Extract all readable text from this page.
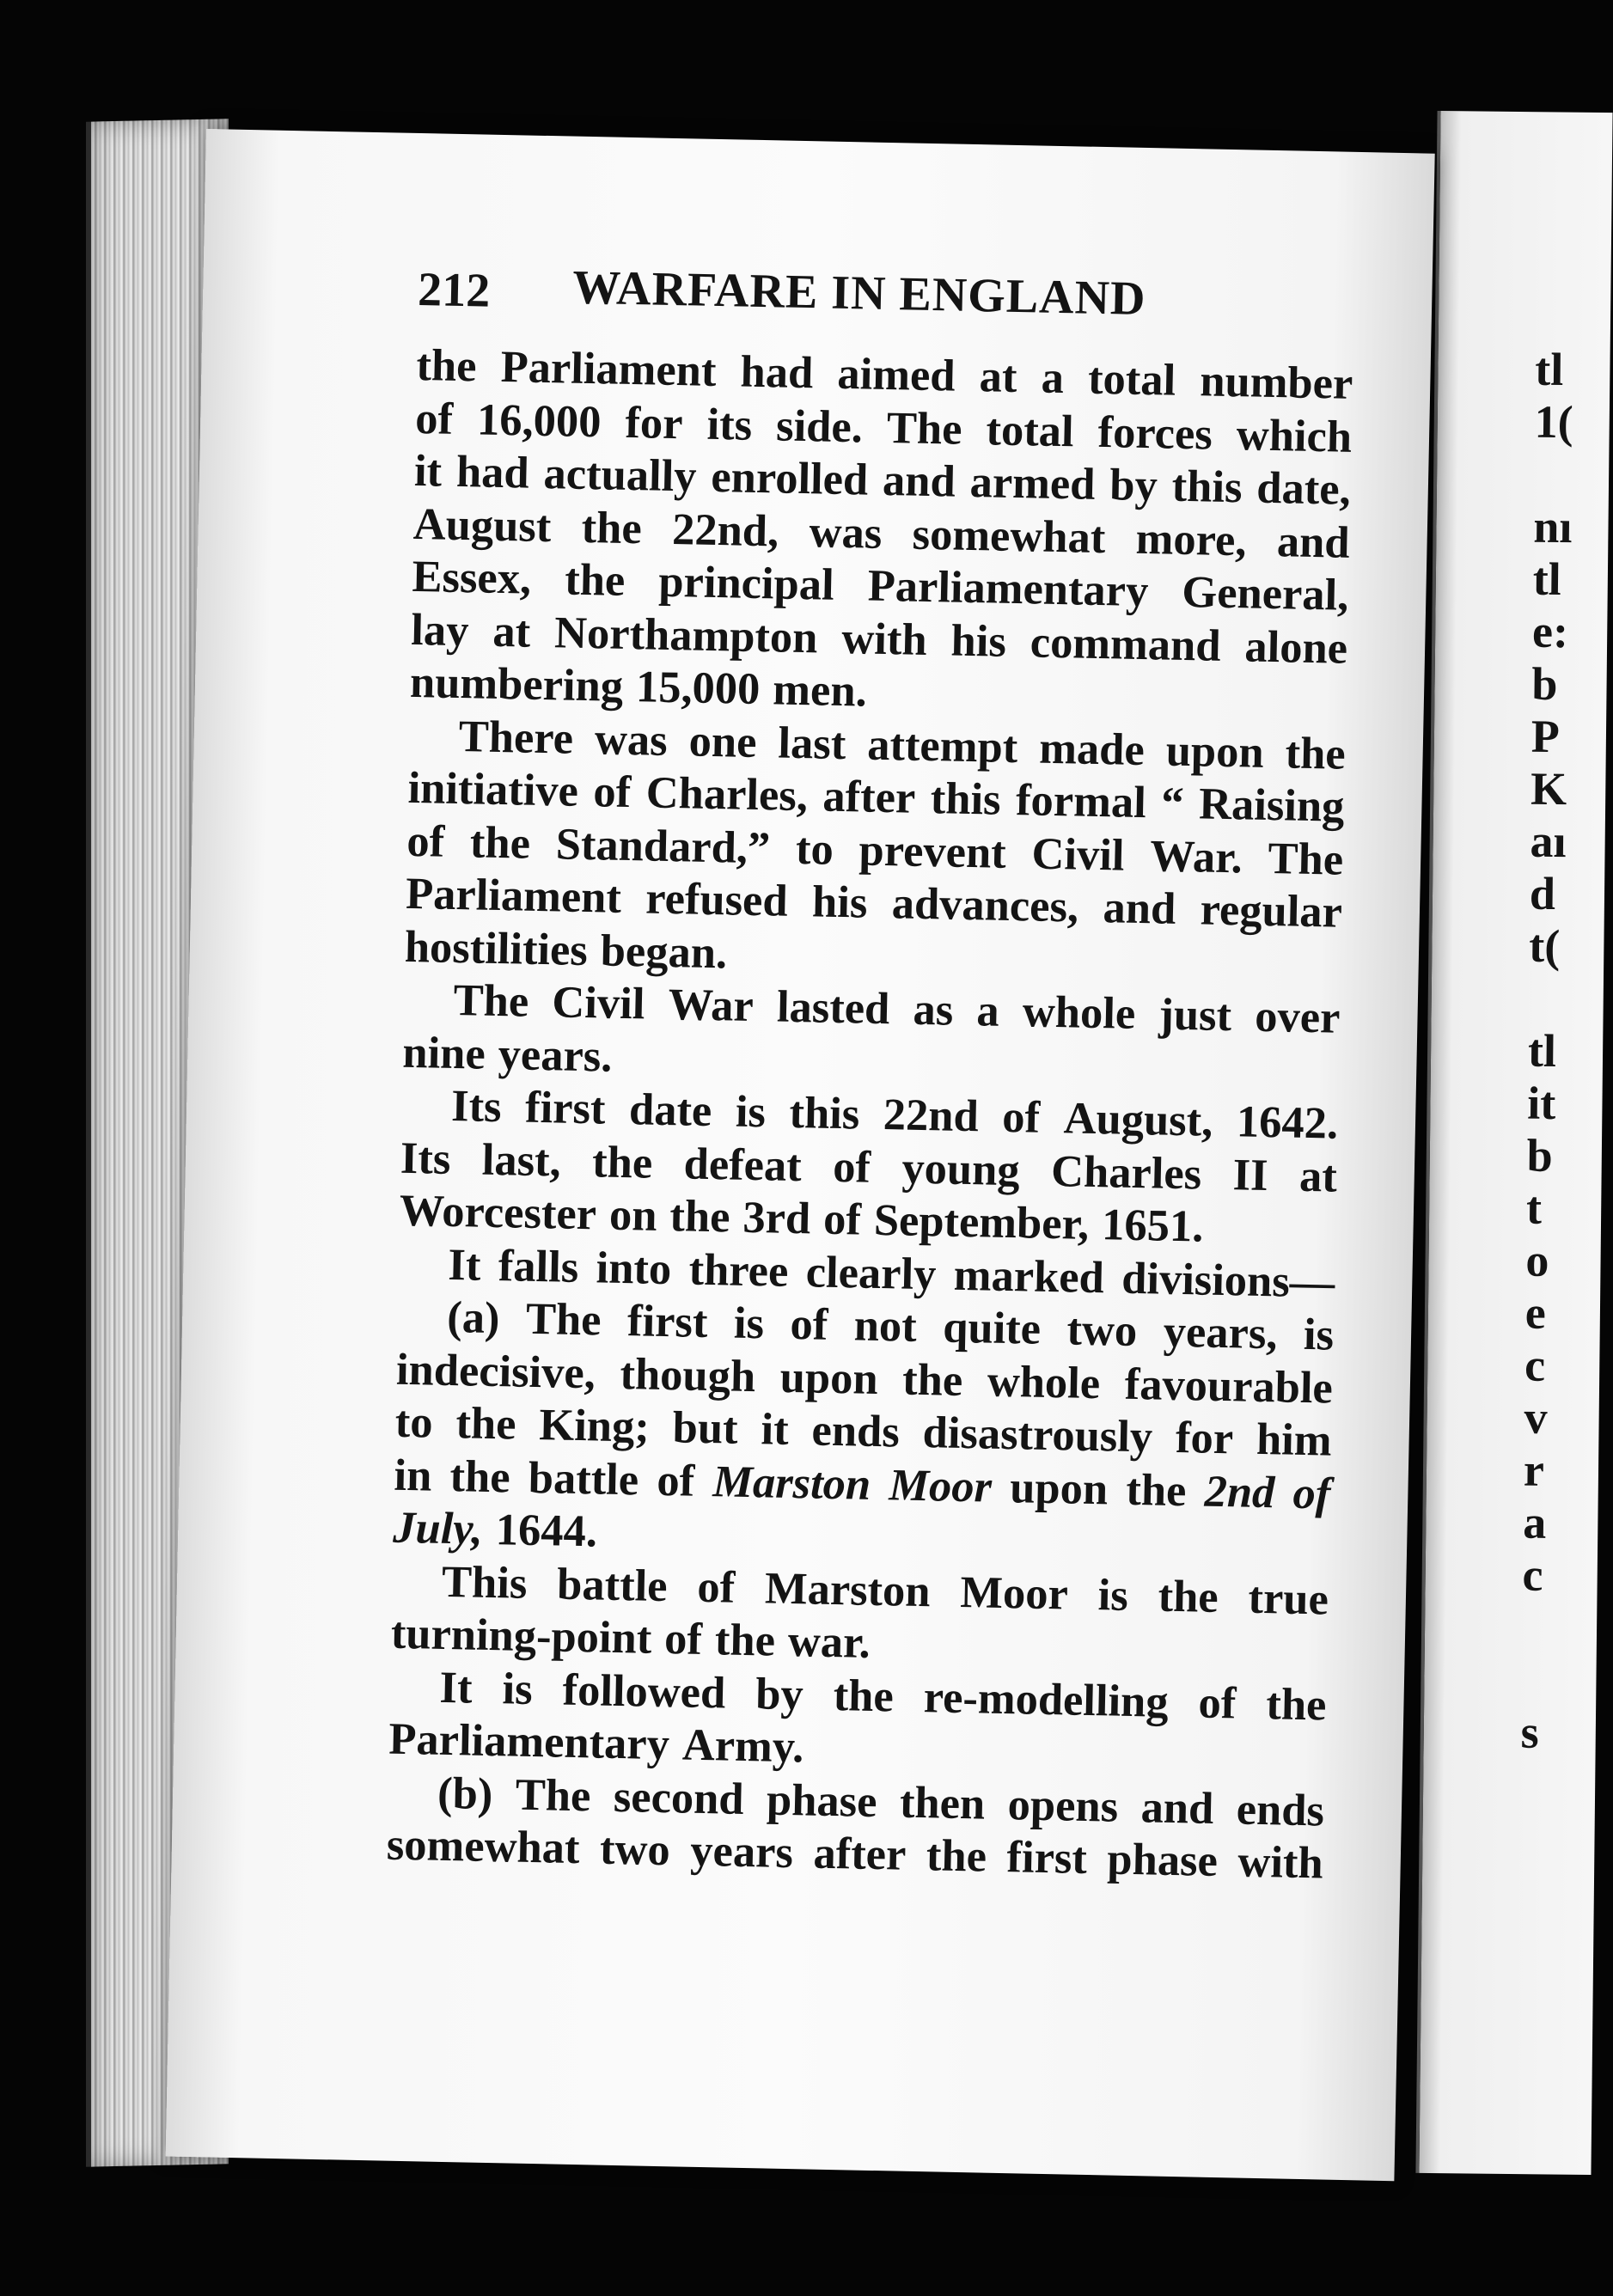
tl
1(
nı
tl
e:
b
P
K
aı
d
t(
tl
it
b
t
o
e
c
v
r
a
c
s
212 WARFARE IN ENGLAND
the Parliament had aimed at a total number
of 16,000 for its side. The total forces which
it had actually enrolled and armed by this date,
August the 22nd, was somewhat more, and
Essex, the principal Parliamentary General,
lay at Northampton with his command alone
numbering 15,000 men.
There was one last attempt made upon the
initiative of Charles, after this formal “ Raising
of the Standard,” to prevent Civil War. The
Parliament refused his advances, and regular
hostilities began.
The Civil War lasted as a whole just over
nine years.
Its first date is this 22nd of August, 1642.
Its last, the defeat of young Charles II at
Worcester on the 3rd of September, 1651.
It falls into three clearly marked divisions—
(a) The first is of not quite two years, is
indecisive, though upon the whole favourable
to the King; but it ends disastrously for him
in the battle of Marston Moor upon the 2nd of
July, 1644.
This battle of Marston Moor is the true
turning-point of the war.
It is followed by the re-modelling of the
Parliamentary Army.
(b) The second phase then opens and ends
somewhat two years after the first phase with
